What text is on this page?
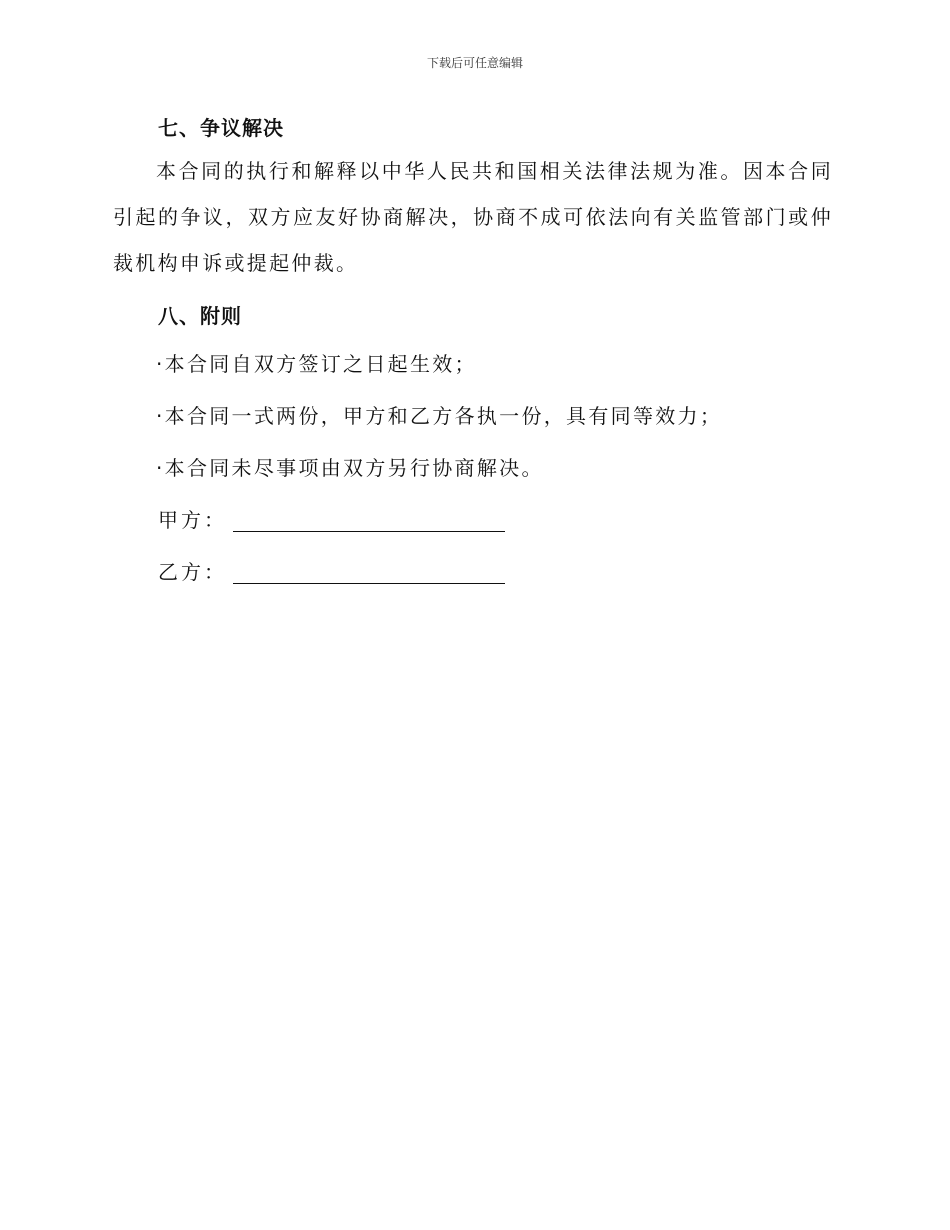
下载后可任意编辑
七、争议解决

本合同的执行和解释以中华人民共和国相关法律法规为准。因本合同引起的争议，双方应友好协商解决，协商不成可依法向有关监管部门或仲裁机构申诉或提起仲裁。

八、附则
·本合同自双方签订之日起生效；
·本合同一式两份，甲方和乙方各执一份，具有同等效力；
·本合同未尽事项由双方另行协商解决。
甲方：
乙方：
